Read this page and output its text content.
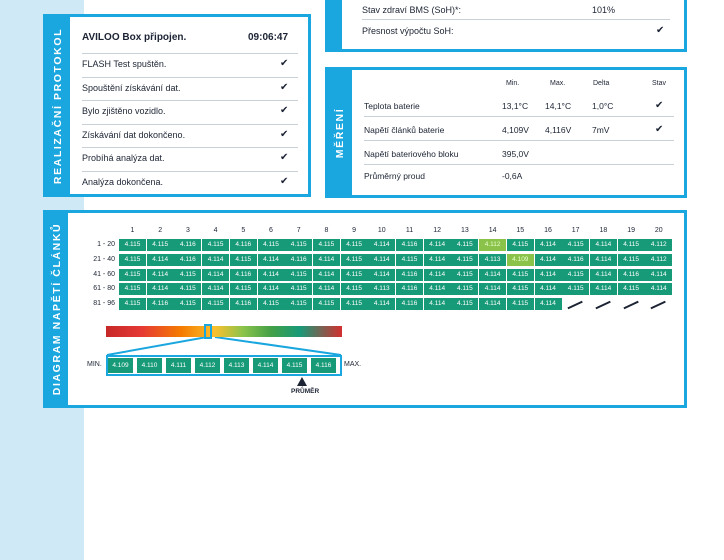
Stav zdraví BMS (SoH)*:	101%
Přesnost výpočtu SoH:	✔
REALIZAČNÍ PROTOKOL AVILOO Box připojen.	09:06:47
FLASH Test spuštěn.	✔
Spouštění získávání dat.	✔
Bylo zjištěno vozidlo.	✔
Získávání dat dokončeno.	✔
Probíhá analýza dat.	✔
Analýza dokončena.	✔
MĚŘENÍ
Min.	Max.	Delta	Stav
Teplota baterie	13,1°C 14,1°C 1,0°C	✔
Napětí článků baterie	4,109V 4,116V 7mV	✔
Napětí bateriového bloku	395,0V
Průměrný proud	-0,6A
DIAGRAM NAPĚTÍ ČLÁNKŮ	1	2	3	4	5	6	7	8	9	10	11	12	13	14	15	16	17	18	19	20
1 - 20	4.115	4.115	4.116	4.115	4.116	4.115	4.115	4.115	4.115	4.114	4.116	4.114	4.115	4.112	4.115	4.114	4.115	4.114	4.115	4.112
21 - 40	4.115	4.114	4.116	4.114	4.115	4.114	4.116	4.114	4.115	4.114	4.115	4.114	4.115	4.113	4.109	4.114	4.116	4.114	4.115	4.112
41 - 60	4.115	4.114	4.115	4.114	4.116	4.114	4.115	4.114	4.115	4.114	4.116	4.114	4.115	4.114	4.115	4.114	4.115	4.114	4.116	4.114
61 - 80	4.115	4.114	4.115	4.114	4.115	4.114	4.115	4.114	4.115	4.113	4.116	4.114	4.115	4.114	4.115	4.114	4.115	4.114	4.115	4.114
81 - 96	4.115	4.116	4.115	4.115	4.116	4.115	4.115	4.115	4.115	4.114	4.116	4.114	4.115	4.114	4.115	4.114
MIN.	4.109	4.110	4.111	4.112	4.113	4.114	4.115	4.116	MAX.
PRŮMĚR
